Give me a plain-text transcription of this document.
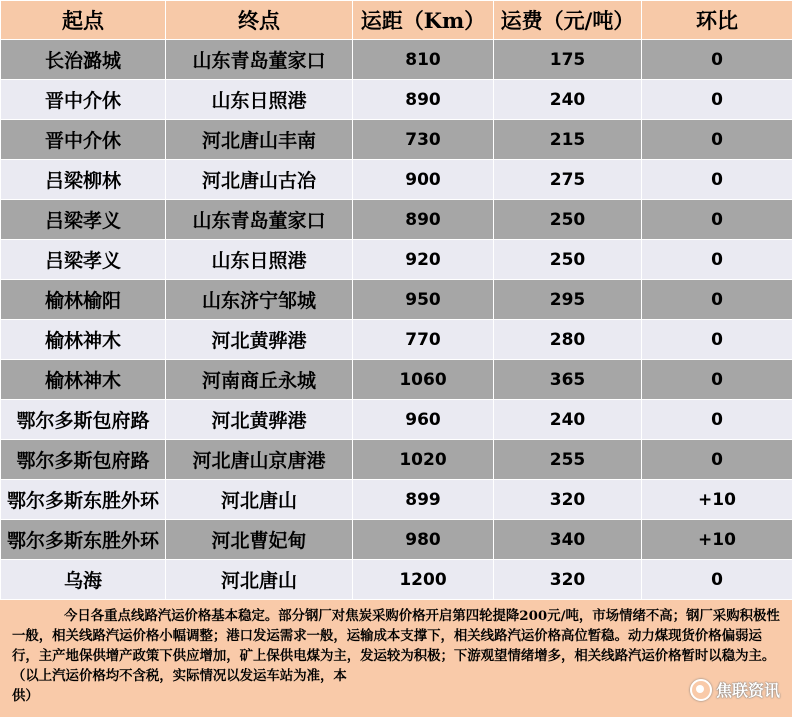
起点	终点	运距（Km）	运费（元/吨）	环比
长治潞城	山东青岛董家口	810	175	0
晋中介休	山东日照港	890	240	0
晋中介休	河北唐山丰南	730	215	0
吕梁柳林	河北唐山古冶	900	275	0
吕梁孝义	山东青岛董家口	890	250	0
吕梁孝义	山东日照港	920	250	0
榆林榆阳	山东济宁邹城	950	295	0
榆林神木	河北黄骅港	770	280	0
榆林神木	河南商丘永城	1060	365	0
鄂尔多斯包府路	河北黄骅港	960	240	0
鄂尔多斯包府路	河北唐山京唐港	1020	255	0
鄂尔多斯东胜外环	河北唐山	899	320	+10
鄂尔多斯东胜外环	河北曹妃甸	980	340	+10
乌海	河北唐山	1200	320	0
今日各重点线路汽运价格基本稳定。部分钢厂对焦炭采购价格开启第四轮提降200元/吨，市场情绪不高；钢厂采购积极性一般，相关线路汽运价格小幅调整；港口发运需求一般，运输成本支撑下，相关线路汽运价格高位暂稳。动力煤现货价格偏弱运行，主产地保供增产政策下供应增加，矿上保供电煤为主，发运较为积极；下游观望情绪增多，相关线路汽运价格暂时以稳为主。（以上汽运价格均不含税，实际情况以发运车站为准，本
供）	焦联资讯
